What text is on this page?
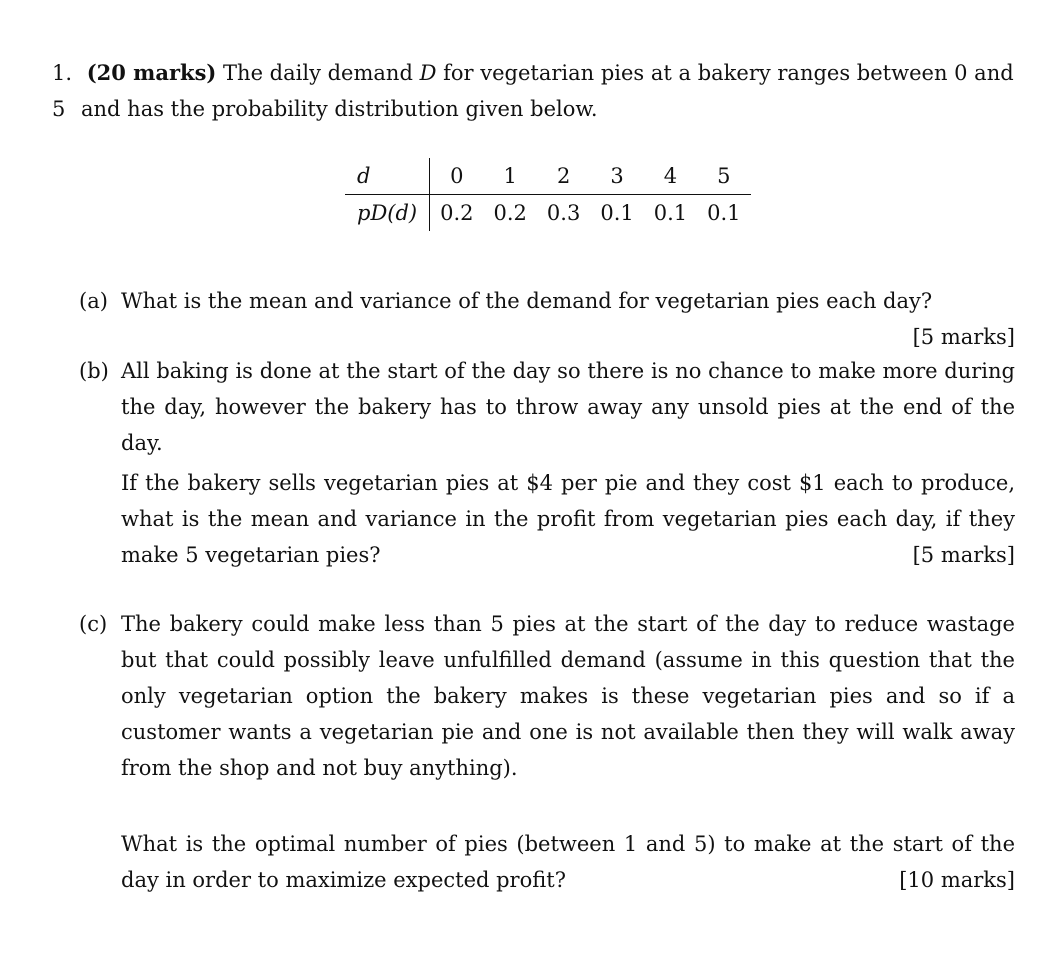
1. (20 marks) The daily demand D for vegetarian pies at a bakery ranges between 0 and 5 and has the probability distribution given below.
d	0	1	2	3	4	5
pD(d)	0.2	0.2	0.3	0.1	0.1	0.1
(a) What is the mean and variance of the demand for vegetarian pies each day?
[5 marks]
(b) All baking is done at the start of the day so there is no chance to make more during the day, however the bakery has to throw away any unsold pies at the end of the day.
If the bakery sells vegetarian pies at $4 per pie and they cost $1 each to produce, what is the mean and variance in the profit from vegetarian pies each day, if they make 5 vegetarian pies?	[5 marks]
(c) The bakery could make less than 5 pies at the start of the day to reduce wastage but that could possibly leave unfulfilled demand (assume in this question that the only vegetarian option the bakery makes is these vegetarian pies and so if a customer wants a vegetarian pie and one is not available then they will walk away from the shop and not buy anything).
What is the optimal number of pies (between 1 and 5) to make at the start of the day in order to maximize expected profit?	[10 marks]
